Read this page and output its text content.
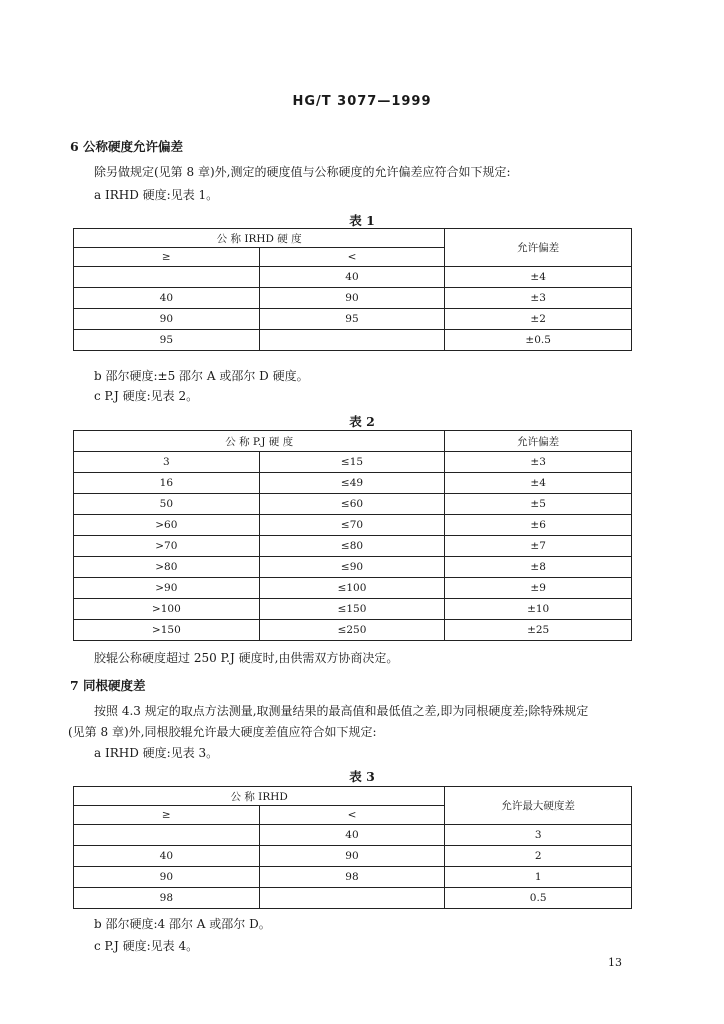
HG/T 3077—1999
6 公称硬度允许偏差
除另做规定(见第 8 章)外,测定的硬度值与公称硬度的允许偏差应符合如下规定:
a IRHD 硬度:见表 1。
表 1
公 称 IRHD 硬 度		允许偏差
≥	<	
	40	±4
40	90	±3
90	95	±2
95		±0.5
b 邵尔硬度:±5 邵尔 A 或邵尔 D 硬度。
c P.J 硬度:见表 2。
表 2
公 称 P.J 硬 度		允许偏差
3	≤15	±3
16	≤49	±4
50	≤60	±5
>60	≤70	±6
>70	≤80	±7
>80	≤90	±8
>90	≤100	±9
>100	≤150	±10
>150	≤250	±25
胶辊公称硬度超过 250 P.J 硬度时,由供需双方协商决定。
7 同根硬度差
按照 4.3 规定的取点方法测量,取测量结果的最高值和最低值之差,即为同根硬度差;除特殊规定
(见第 8 章)外,同根胶辊允许最大硬度差值应符合如下规定:
a IRHD 硬度:见表 3。
表 3
公 称 IRHD		允许最大硬度差
≥	<	
	40	3
40	90	2
90	98	1
98		0.5
b 邵尔硬度:4 邵尔 A 或邵尔 D。
c P.J 硬度:见表 4。
13
